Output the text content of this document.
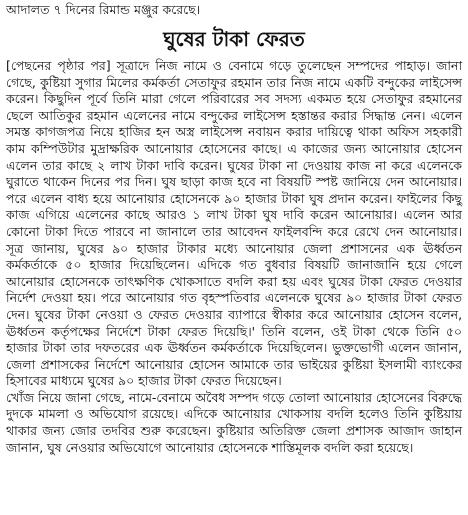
আদালত ৭ দিনের রিমান্ড মঞ্জুর করেছে।
ঘুষের টাকা ফেরত

[পেছনের পৃষ্ঠার পর] সূত্রাদে নিজ নামে ও বেনামে গড়ে তুলেছেন সম্পদের পাহাড়। জানা গেছে, কুষ্টিয়া সুগার মিলের কর্মকর্তা সেতাফুর রহমান তার নিজ নামে একটি বন্দুকের লাইসেন্স করেন। কিছুদিন পূর্বে তিনি মারা গেলে পরিবারের সব সদস্য একমত হয়ে সেতাফুর রহমানের ছেলে আতিকুর রহমান এলেনের নামে বন্দুকের লাইসেন্স হস্তান্তর করার সিদ্ধান্ত নেন। এলেন সমস্ত কাগজপত্র নিয়ে হাজির হন অস্ত্র লাইসেন্স নবায়ন করার দায়িত্বে থাকা অফিস সহকারী কাম কম্পিউটার মুদ্রাক্ষরিক আনোয়ার হোসেনের কাছে। এ কাজের জন্য আনোয়ার হোসেন এলেন তার কাছে ২ লাখ টাকা দাবি করেন। ঘুষের টাকা না দেওয়ায় কাজ না করে এলেনকে ঘুরাতে থাকেন দিনের পর দিন। ঘুষ ছাড়া কাজ হবে না বিষয়টি স্পষ্ট জানিয়ে দেন আনোয়ার। পরে এলেন বাধ্য হয়ে আনোয়ার হোসেনকে ৯০ হাজার টাকা ঘুষ প্রদান করেন। ফাইলের কিছু কাজ এগিয়ে এলেনের কাছে আরও ১ লাখ টাকা ঘুষ দাবি করেন আনোয়ার। এলেন আর কোনো টাকা দিতে পারবে না জানালে তার আবেদন ফাইলবন্দি করে রেখে দেন আনোয়ার। সূত্র জানায়, ঘুষের ৯০ হাজার টাকার মধ্যে আনোয়ার জেলা প্রশাসনের এক ঊর্ধ্বতন কর্মকর্তাকে ৫০ হাজার দিয়েছিলেন। এদিকে গত বুধবার বিষয়টি জানাজানি হয়ে গেলে আনোয়ার হোসেনকে তাৎক্ষণিক খোকসাতে বদলি করা হয় এবং ঘুষের টাকা ফেরত দেওয়ার নির্দেশ দেওয়া হয়। পরে আনোয়ার গত বৃহস্পতিবার এলেনকে ঘুষের ৯০ হাজার টাকা ফেরত দেন। ঘুষের টাকা নেওয়া ও ফেরত দেওয়ার ব্যাপারে স্বীকার করে আনোয়ার হোসেন বলেন, ঊর্ধ্বতন কর্তৃপক্ষের নির্দেশে টাকা ফেরত দিয়েছি।' তিনি বলেন, ওই টাকা থেকে তিনি ৫০ হাজার টাকা তার দফতরের এক ঊর্ধ্বতন কর্মকর্তাকে দিয়েছিলেন। ভুক্তভোগী এলেন জানান, জেলা প্রশাসকের নির্দেশে আনোয়ার হোসেন আমাকে তার ভাইয়ের কুষ্টিয়া ইসলামী ব্যাংকের হিসাবের মাধ্যমে ঘুষের ৯০ হাজার টাকা ফেরত দিয়েছেন।

খোঁজ নিয়ে জানা গেছে, নামে-বেনামে অবৈধ সম্পদ গড়ে তোলা আনোয়ার হোসেনের বিরুদ্ধে দুদকে মামলা ও অভিযোগ রয়েছে। এদিকে আনোয়ার খোকসায় বদলি হলেও তিনি কুষ্টিয়ায় থাকার জন্য জোর তদবির শুরু করেছেন। কুষ্টিয়ার অতিরিক্ত জেলা প্রশাসক আজাদ জাহান জানান, ঘুষ নেওয়ার অভিযোগে আনোয়ার হোসেনকে শাস্তিমূলক বদলি করা হয়েছে।
